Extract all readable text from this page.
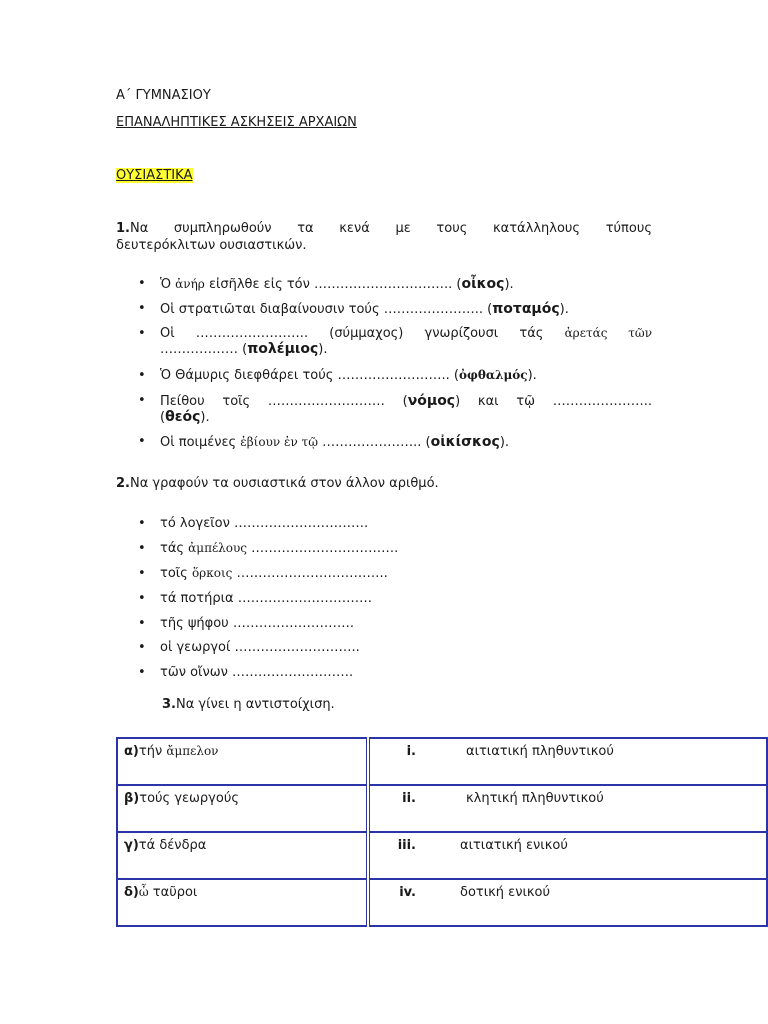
Α΄ ΓΥΜΝΑΣΙΟΥ
ΕΠΑΝΑΛΗΠΤΙΚΕΣ ΑΣΚΗΣΕΙΣ ΑΡΧΑΙΩΝ
ΟΥΣΙΑΣΤΙΚΑ
1.Να συμπληρωθούν τα κενά με τους κατάλληλους τύπους
δευτερόκλιτων ουσιαστικών.
• Ὁ ἀνήρ εἰσῆλθε εἰς τόν ………………………….. (οἶκος).
• Οἱ στρατιῶται διαβαίνουσιν τούς ………………….. (ποταμός).
• Οἱ …………………….. (σύμμαχος) γνωρίζουσι τάς ἀρετάς τῶν
……………… (πολέμιος).
• Ὁ Θάμυρις διεφθάρει τούς …………………….. (ὀφθαλμός).
• Πείθου τοῖς ……………………… (νόμος) και τῷ …………………..
(θεός).
• Οἱ ποιμένες ἐβίουν ἐν τῷ ………………….. (οἰκίσκος).
2.Να γραφούν τα ουσιαστικά στον άλλον αριθμό.
• τό λογεῖον ………………………….
• τάς ἀμπέλους …………………………….
• τοῖς ὅρκοις ……………………………..
• τά ποτήρια ………………………….
• τῆς ψήφου ……………………….
• οἱ γεωργοί ………………………..
• τῶν οἴνων ……………………….
3.Να γίνει η αντιστοίχιση.
α)τήν ἄμπελον	i. αιτιατική πληθυντικού
β)τούς γεωργούς	ii. κλητική πληθυντικού
γ)τά δένδρα	iii. αιτιατική ενικού
δ)ὦ ταῦροι	iv. δοτική ενικού
